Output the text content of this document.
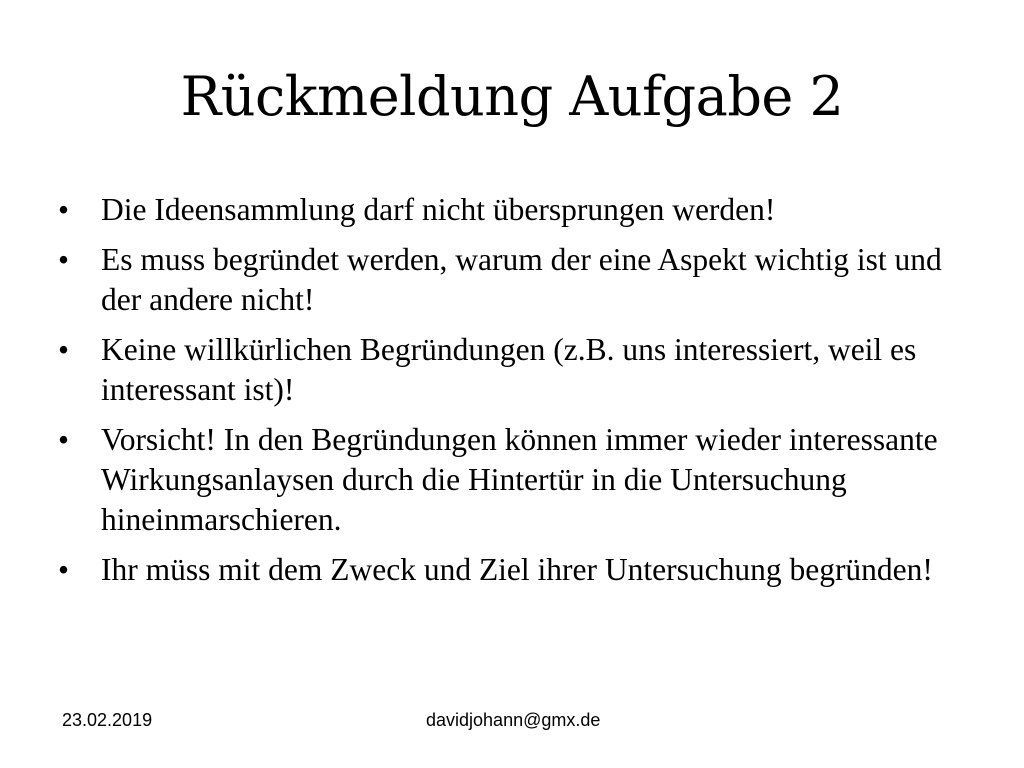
Rückmeldung Aufgabe 2
•	Die Ideensammlung darf nicht übersprungen werden!
•	Es muss begründet werden, warum der eine Aspekt wichtig ist und der andere nicht!
•	Keine willkürlichen Begründungen (z.B. uns interessiert, weil es interessant ist)!
•	Vorsicht! In den Begründungen können immer wieder interessante Wirkungsanlaysen durch die Hintertür in die Untersuchung hineinmarschieren.
•	Ihr müss mit dem Zweck und Ziel ihrer Untersuchung begründen!
23.02.2019	davidjohann@gmx.de
